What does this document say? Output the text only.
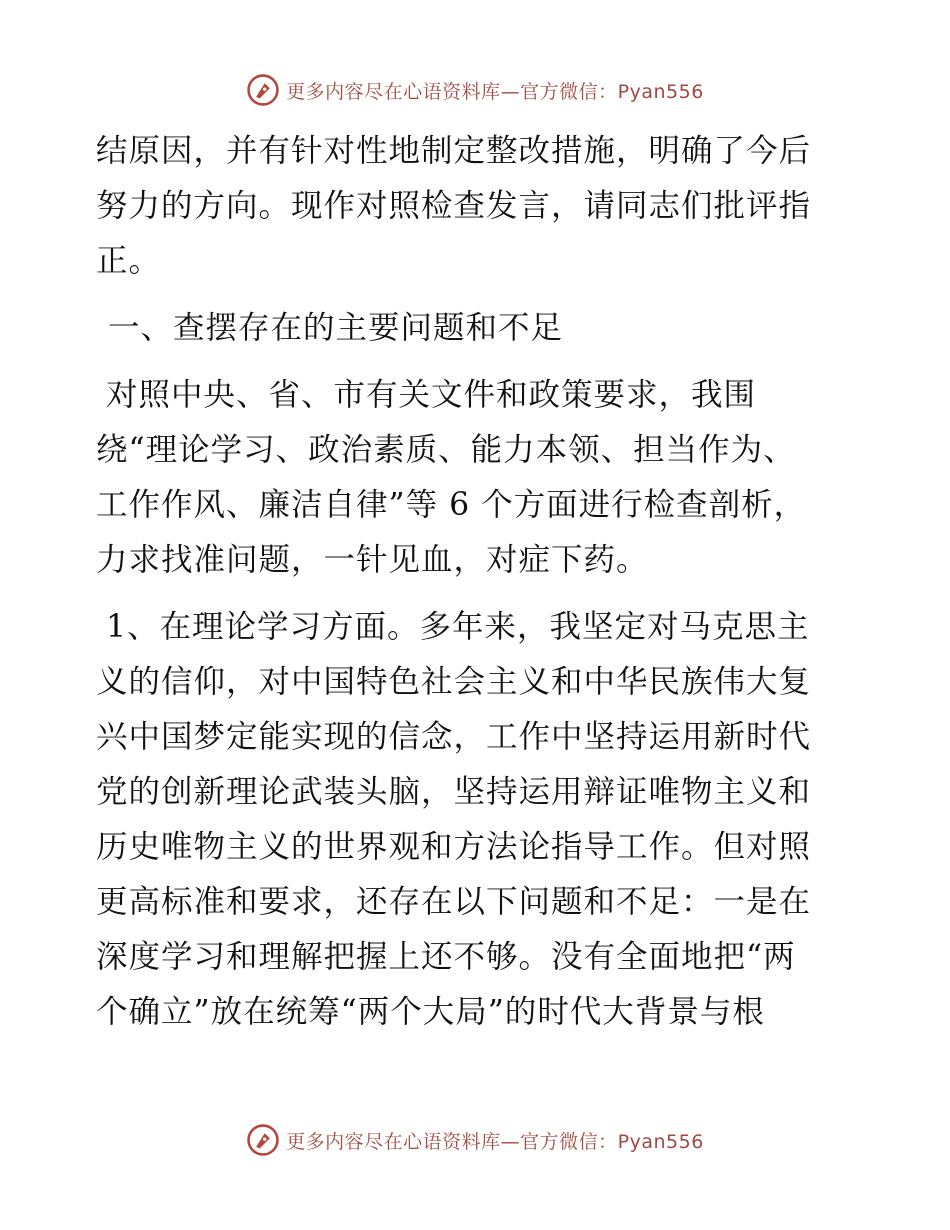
更多内容尽在心语资料库—官方微信：Pyan556

结原因，并有针对性地制定整改措施，明确了今后
努力的方向。现作对照检查发言，请同志们批评指
正。

一、查摆存在的主要问题和不足

对照中央、省、市有关文件和政策要求，我围
绕“理论学习、政治素质、能力本领、担当作为、
工作作风、廉洁自律”等 6 个方面进行检查剖析，
力求找准问题，一针见血，对症下药。

1、在理论学习方面。多年来，我坚定对马克思主
义的信仰，对中国特色社会主义和中华民族伟大复
兴中国梦定能实现的信念，工作中坚持运用新时代
党的创新理论武装头脑，坚持运用辩证唯物主义和
历史唯物主义的世界观和方法论指导工作。但对照
更高标准和要求，还存在以下问题和不足：一是在
深度学习和理解把握上还不够。没有全面地把“两
个确立”放在统筹“两个大局”的时代大背景与根

更多内容尽在心语资料库—官方微信：Pyan556
